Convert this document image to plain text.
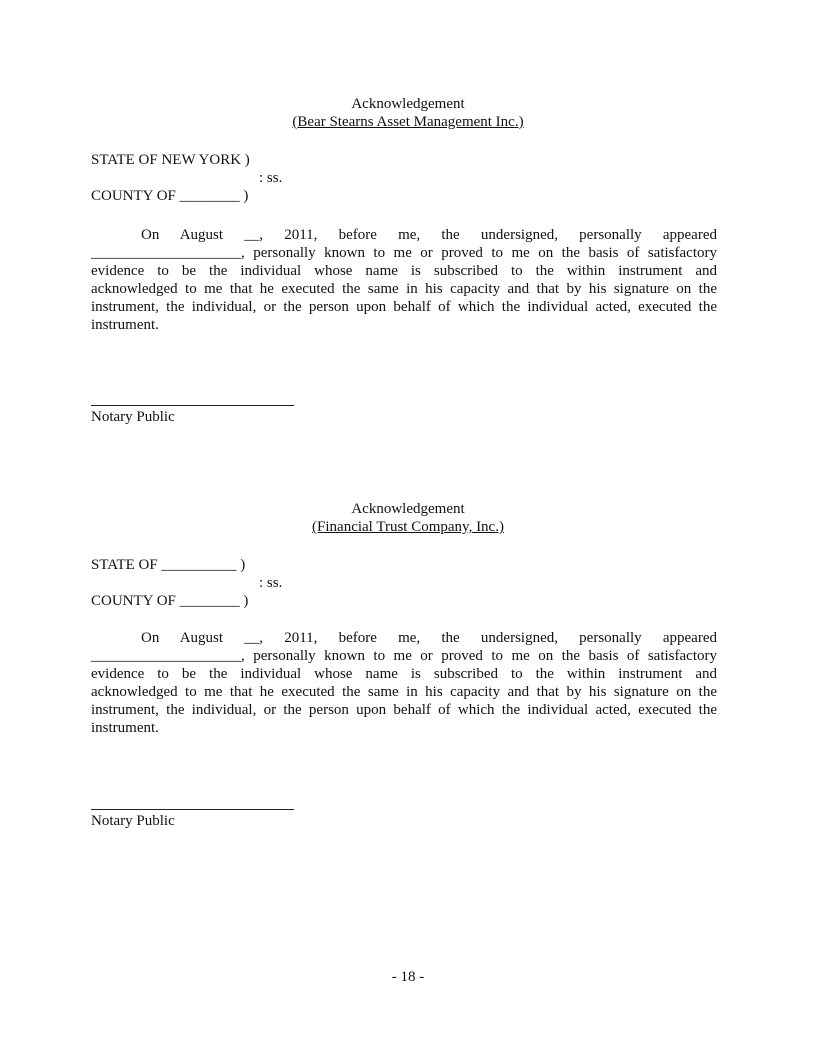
Acknowledgement
(Bear Stearns Asset Management Inc.)
STATE OF NEW YORK )
: ss.
COUNTY OF ________ )
On August __, 2011, before me, the undersigned, personally appeared
____________________, personally known to me or proved to me on the basis of satisfactory
evidence to be the individual whose name is subscribed to the within instrument and
acknowledged to me that he executed the same in his capacity and that by his signature on the
instrument, the individual, or the person upon behalf of which the individual acted, executed the
instrument.
Notary Public
Acknowledgement
(Financial Trust Company, Inc.)
STATE OF __________ )
: ss.
COUNTY OF ________ )
On August __, 2011, before me, the undersigned, personally appeared
____________________, personally known to me or proved to me on the basis of satisfactory
evidence to be the individual whose name is subscribed to the within instrument and
acknowledged to me that he executed the same in his capacity and that by his signature on the
instrument, the individual, or the person upon behalf of which the individual acted, executed the
instrument.
Notary Public
- 18 -
